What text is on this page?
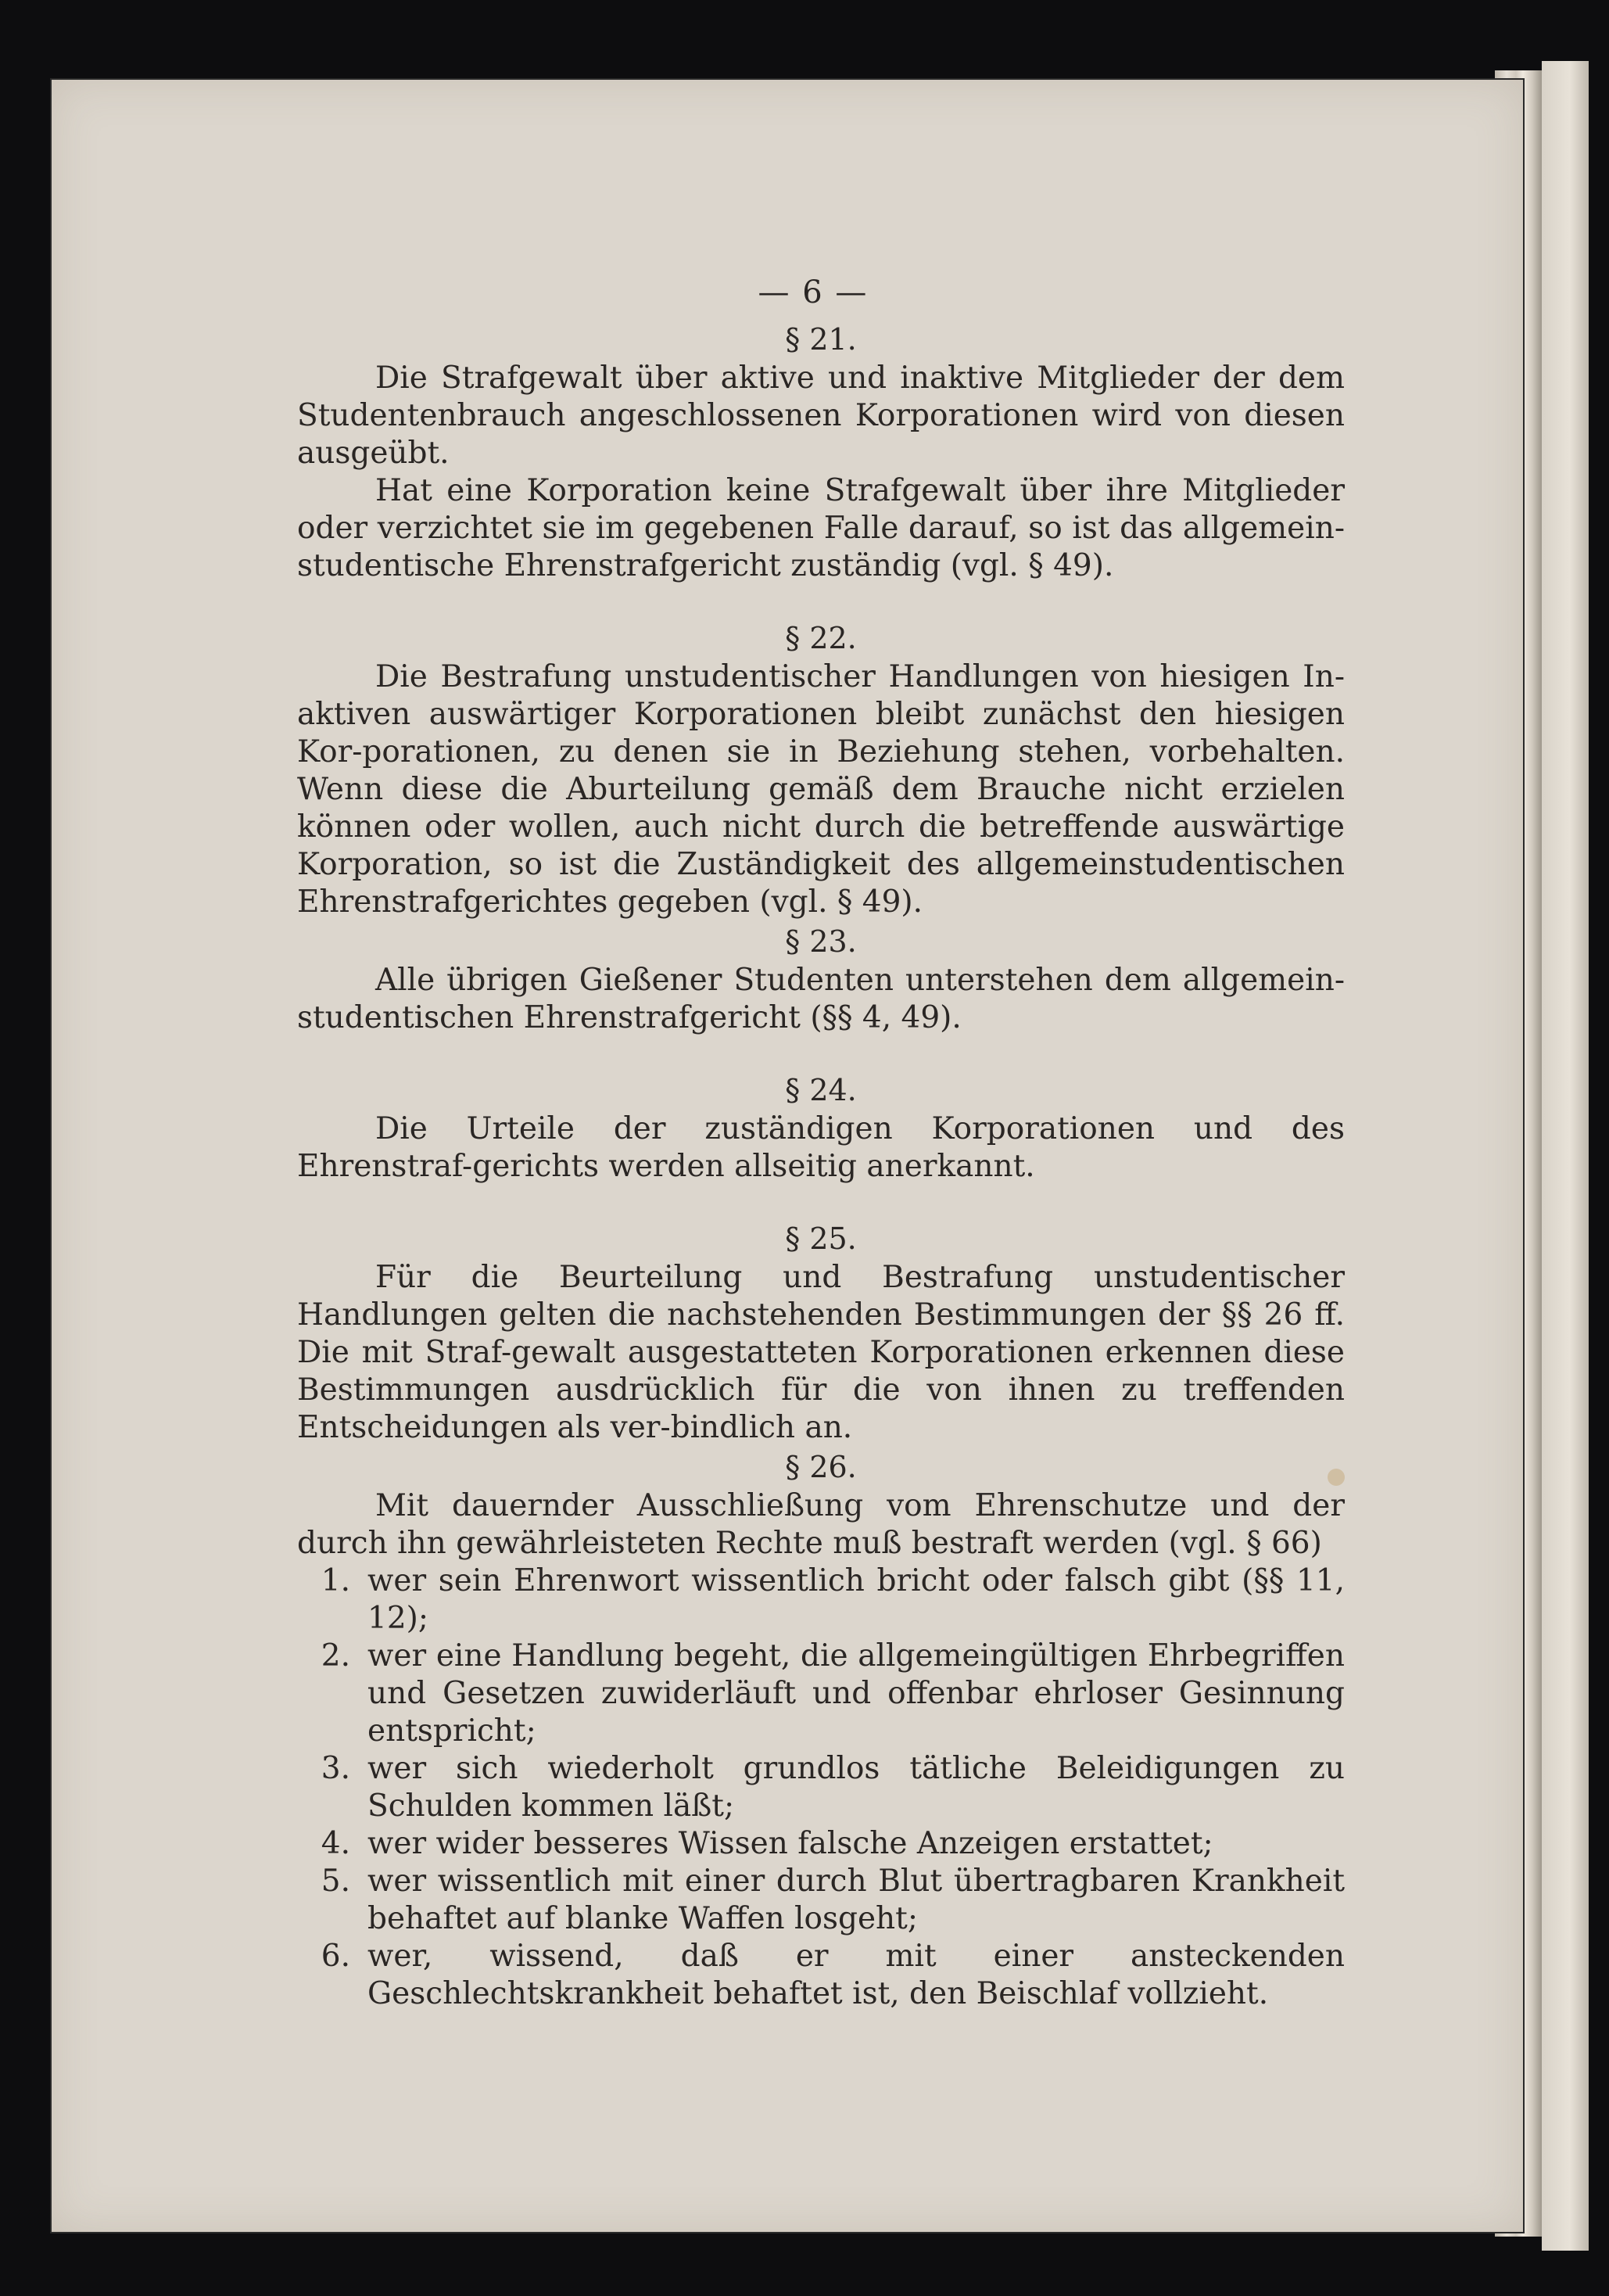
— 6 —
§ 21.
Die Strafgewalt über aktive und inaktive Mitglieder der dem Studentenbrauch angeschlossenen Korporationen wird von diesen ausgeübt.
Hat eine Korporation keine Strafgewalt über ihre Mitglieder oder verzichtet sie im gegebenen Falle darauf, so ist das allgemein-studentische Ehrenstrafgericht zuständig (vgl. § 49).
§ 22.
Die Bestrafung unstudentischer Handlungen von hiesigen In-aktiven auswärtiger Korporationen bleibt zunächst den hiesigen Kor-porationen, zu denen sie in Beziehung stehen, vorbehalten. Wenn diese die Aburteilung gemäß dem Brauche nicht erzielen können oder wollen, auch nicht durch die betreffende auswärtige Korporation, so ist die Zuständigkeit des allgemeinstudentischen Ehrenstrafgerichtes gegeben (vgl. § 49).
§ 23.
Alle übrigen Gießener Studenten unterstehen dem allgemein-studentischen Ehrenstrafgericht (§§ 4, 49).
§ 24.
Die Urteile der zuständigen Korporationen und des Ehrenstraf-gerichts werden allseitig anerkannt.
§ 25.
Für die Beurteilung und Bestrafung unstudentischer Handlungen gelten die nachstehenden Bestimmungen der §§ 26 ff. Die mit Straf-gewalt ausgestatteten Korporationen erkennen diese Bestimmungen ausdrücklich für die von ihnen zu treffenden Entscheidungen als ver-bindlich an.
§ 26.
Mit dauernder Ausschließung vom Ehrenschutze und der durch ihn gewährleisteten Rechte muß bestraft werden (vgl. § 66)
1. wer sein Ehrenwort wissentlich bricht oder falsch gibt (§§ 11, 12);
2. wer eine Handlung begeht, die allgemeingültigen Ehrbegriffen und Gesetzen zuwiderläuft und offenbar ehrloser Gesinnung entspricht;
3. wer sich wiederholt grundlos tätliche Beleidigungen zu Schulden kommen läßt;
4. wer wider besseres Wissen falsche Anzeigen erstattet;
5. wer wissentlich mit einer durch Blut übertragbaren Krankheit behaftet auf blanke Waffen losgeht;
6. wer, wissend, daß er mit einer ansteckenden Geschlechtskrankheit behaftet ist, den Beischlaf vollzieht.
